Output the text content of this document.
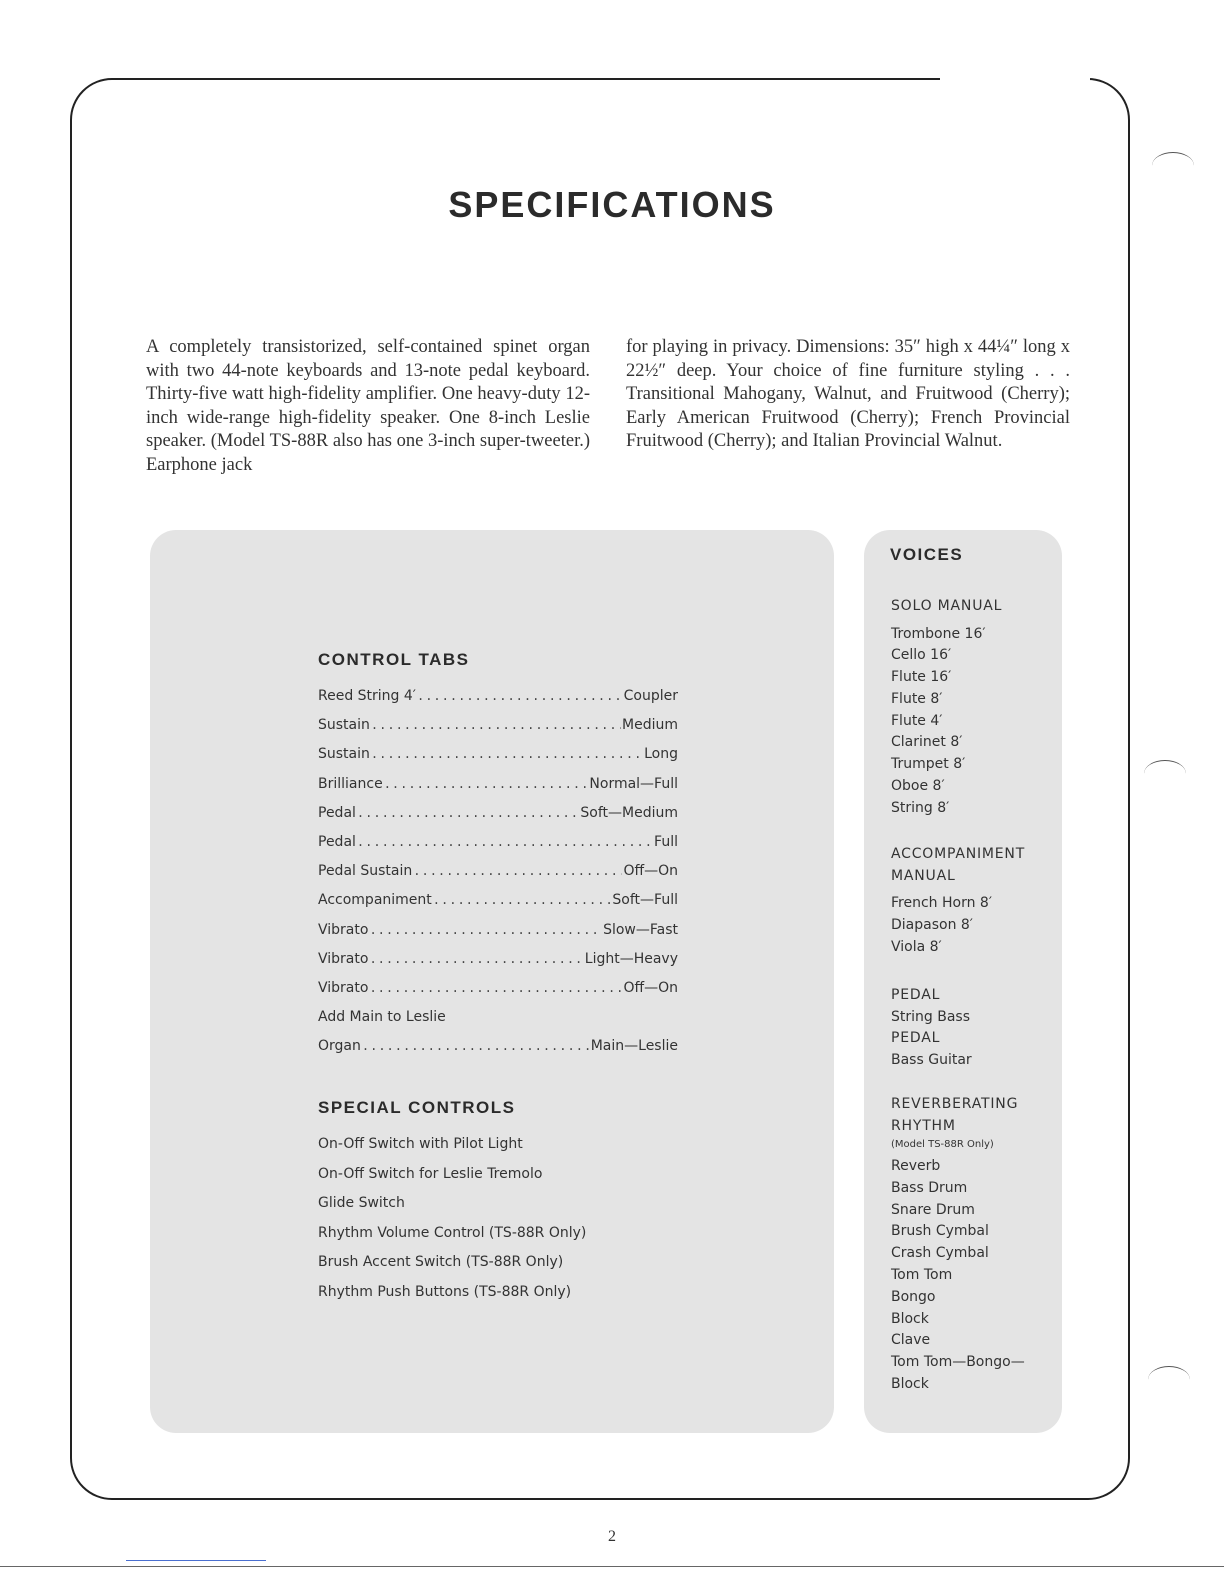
SPECIFICATIONS

A completely transistorized, self-contained spinet organ with two 44-note keyboards and 13-note pedal keyboard. Thirty-five watt high-fidelity amplifier. One heavy-duty 12-inch wide-range high-fidelity speaker. One 8-inch Leslie speaker. (Model TS-88R also has one 3-inch super-tweeter.) Earphone jack

for playing in privacy. Dimensions: 35″ high x 44¼″ long x 22½″ deep. Your choice of fine furniture styling . . . Transitional Mahogany, Walnut, and Fruitwood (Cherry); Early American Fruitwood (Cherry); French Provincial Fruitwood (Cherry); and Italian Provincial Walnut.

CONTROL TABS
Reed String 4′ .....	Coupler
Sustain .....	Medium
Sustain .....	Long
Brilliance .....	Normal—Full
Pedal .....	Soft—Medium
Pedal .....	Full
Pedal Sustain .....	Off—On
Accompaniment .....	Soft—Full
Vibrato .....	Slow—Fast
Vibrato .....	Light—Heavy
Vibrato .....	Off—On
Add Main to Leslie
Organ .....	Main—Leslie
SPECIAL CONTROLS
On-Off Switch with Pilot Light
On-Off Switch for Leslie Tremolo
Glide Switch
Rhythm Volume Control (TS-88R Only)
Brush Accent Switch (TS-88R Only)
Rhythm Push Buttons (TS-88R Only)
VOICES
SOLO MANUAL
Trombone 16′
Cello 16′
Flute 16′
Flute 8′
Flute 4′
Clarinet 8′
Trumpet 8′
Oboe 8′
String 8′
ACCOMPANIMENT
MANUAL
French Horn 8′
Diapason 8′
Viola 8′
PEDAL
String Bass
PEDAL
Bass Guitar
REVERBERATING
RHYTHM
(Model TS-88R Only)
Reverb
Bass Drum
Snare Drum
Brush Cymbal
Crash Cymbal
Tom Tom
Bongo
Block
Clave
Tom Tom—Bongo—
Block
2
